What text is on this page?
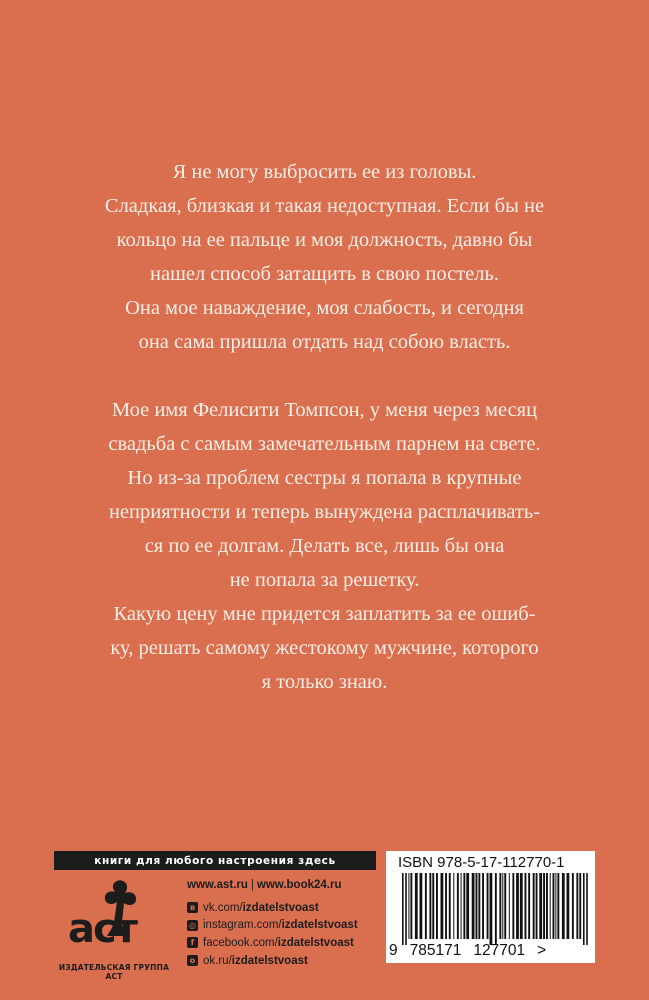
Я не могу выбросить ее из головы.
Сладкая, близкая и такая недоступная. Если бы не
кольцо на ее пальце и моя должность, давно бы
нашел способ затащить в свою постель.
Она мое наваждение, моя слабость, и сегодня
она сама пришла отдать над собою власть.

Мое имя Фелисити Томпсон, у меня через месяц
свадьба с самым замечательным парнем на свете.
Но из-за проблем сестры я попала в крупные
неприятности и теперь вынуждена расплачивать-
ся по ее долгам. Делать все, лишь бы она
не попала за решетку.
Какую цену мне придется заплатить за ее ошиб-
ку, решать самому жестокому мужчине, которого
я только знаю.

книги для любого настроения здесь
аст
ИЗДАТЕЛЬСКАЯ ГРУППА АСТ
www.ast.ru | www.book24.ru
в vk.com/ izdatelstvoast
◎ instagram.com/ izdatelstvoast
f facebook.com/ izdatelstvoast
о ok.ru/ izdatelstvoast
ISBN 978-5-17-112770-1
9 785171 127701 >
